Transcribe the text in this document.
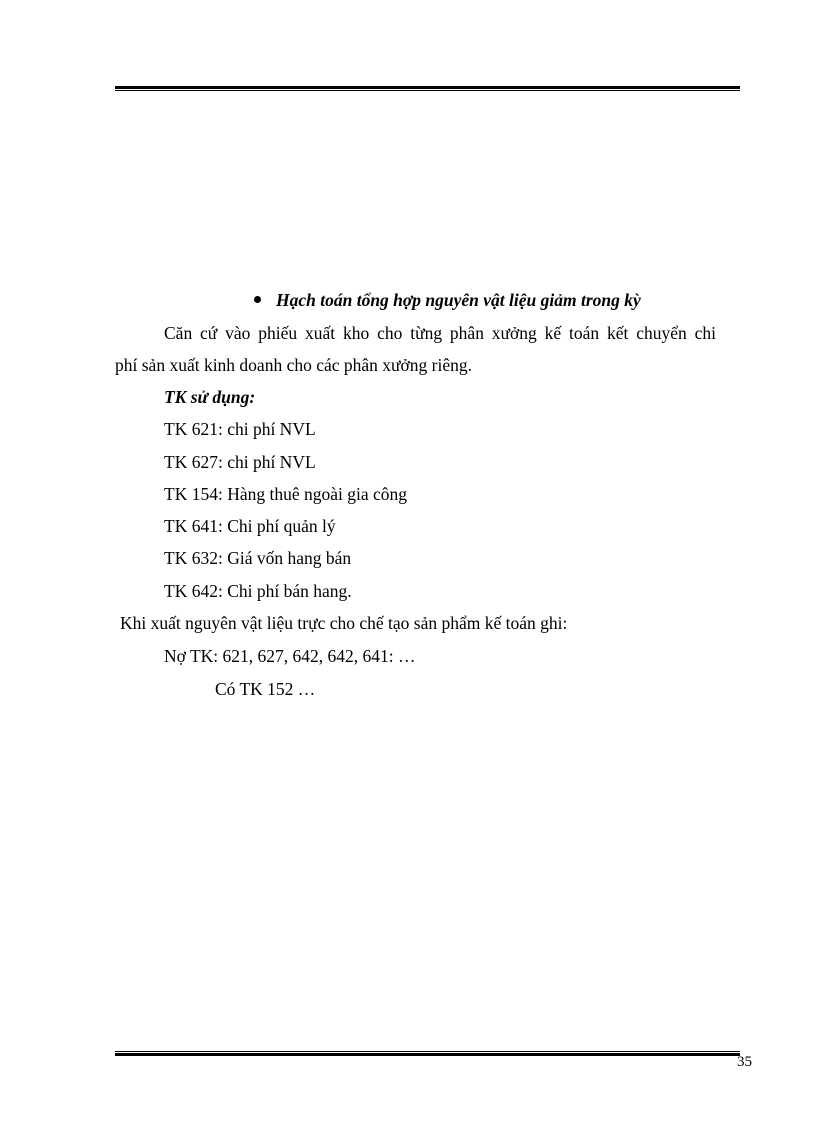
Hạch toán tổng hợp nguyên vật liệu giảm trong kỳ
Căn cứ vào phiếu xuất kho cho từng phân xưởng kế toán kết chuyển chi
phí sản xuất kinh doanh cho các phân xưởng riêng.
TK sử dụng:
TK 621: chi phí NVL
TK 627: chi phí NVL
TK 154: Hàng thuê ngoài gia công
TK 641: Chi phí quản lý
TK 632: Giá vốn hang bán
TK 642: Chi phí bán hang.
Khi xuất nguyên vật liệu trực cho chế tạo sản phẩm kế toán ghi:
Nợ TK: 621, 627, 642, 642, 641: …
Có TK 152 …
35
